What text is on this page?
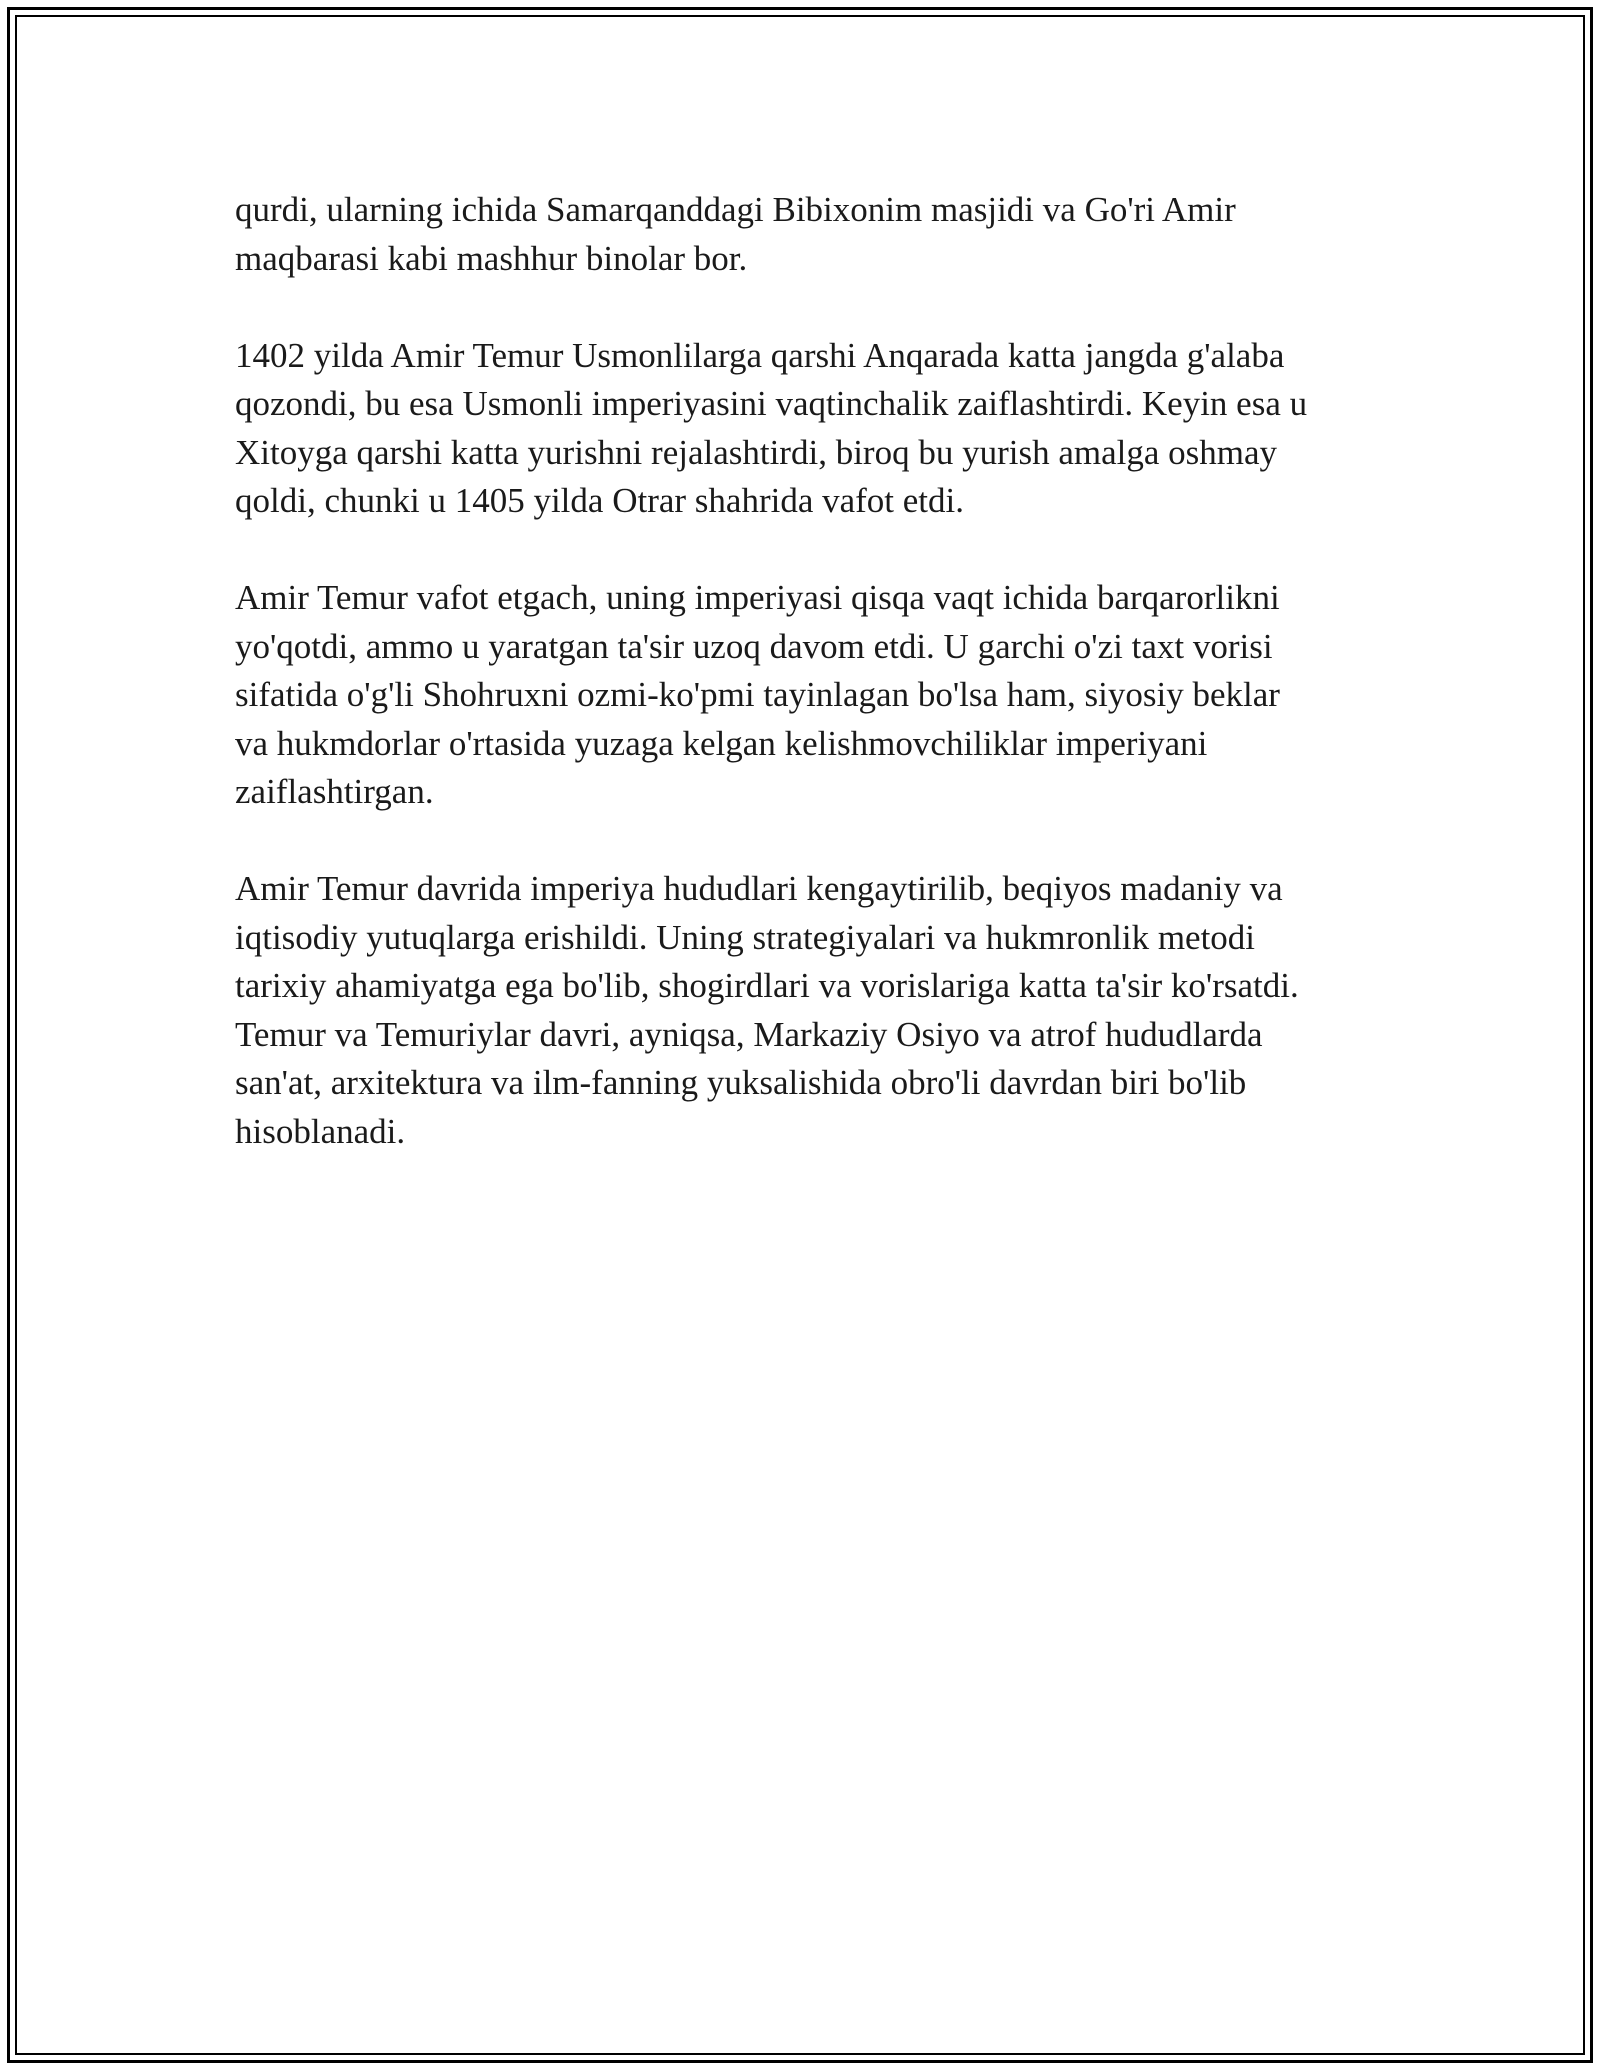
qurdi, ularning ichida Samarqanddagi Bibixonim masjidi va Go'ri Amir
maqbarasi kabi mashhur binolar bor.

1402 yilda Amir Temur Usmonlilarga qarshi Anqarada katta jangda g'alaba
qozondi, bu esa Usmonli imperiyasini vaqtinchalik zaiflashtirdi. Keyin esa u
Xitoyga qarshi katta yurishni rejalashtirdi, biroq bu yurish amalga oshmay
qoldi, chunki u 1405 yilda Otrar shahrida vafot etdi.

Amir Temur vafot etgach, uning imperiyasi qisqa vaqt ichida barqarorlikni
yo'qotdi, ammo u yaratgan ta'sir uzoq davom etdi. U garchi o'zi taxt vorisi
sifatida o'g'li Shohruxni ozmi-ko'pmi tayinlagan bo'lsa ham, siyosiy beklar
va hukmdorlar o'rtasida yuzaga kelgan kelishmovchiliklar imperiyani
zaiflashtirgan.

Amir Temur davrida imperiya hududlari kengaytirilib, beqiyos madaniy va
iqtisodiy yutuqlarga erishildi. Uning strategiyalari va hukmronlik metodi
tarixiy ahamiyatga ega bo'lib, shogirdlari va vorislariga katta ta'sir ko'rsatdi.
Temur va Temuriylar davri, ayniqsa, Markaziy Osiyo va atrof hududlarda
san'at, arxitektura va ilm-fanning yuksalishida obro'li davrdan biri bo'lib
hisoblanadi.
